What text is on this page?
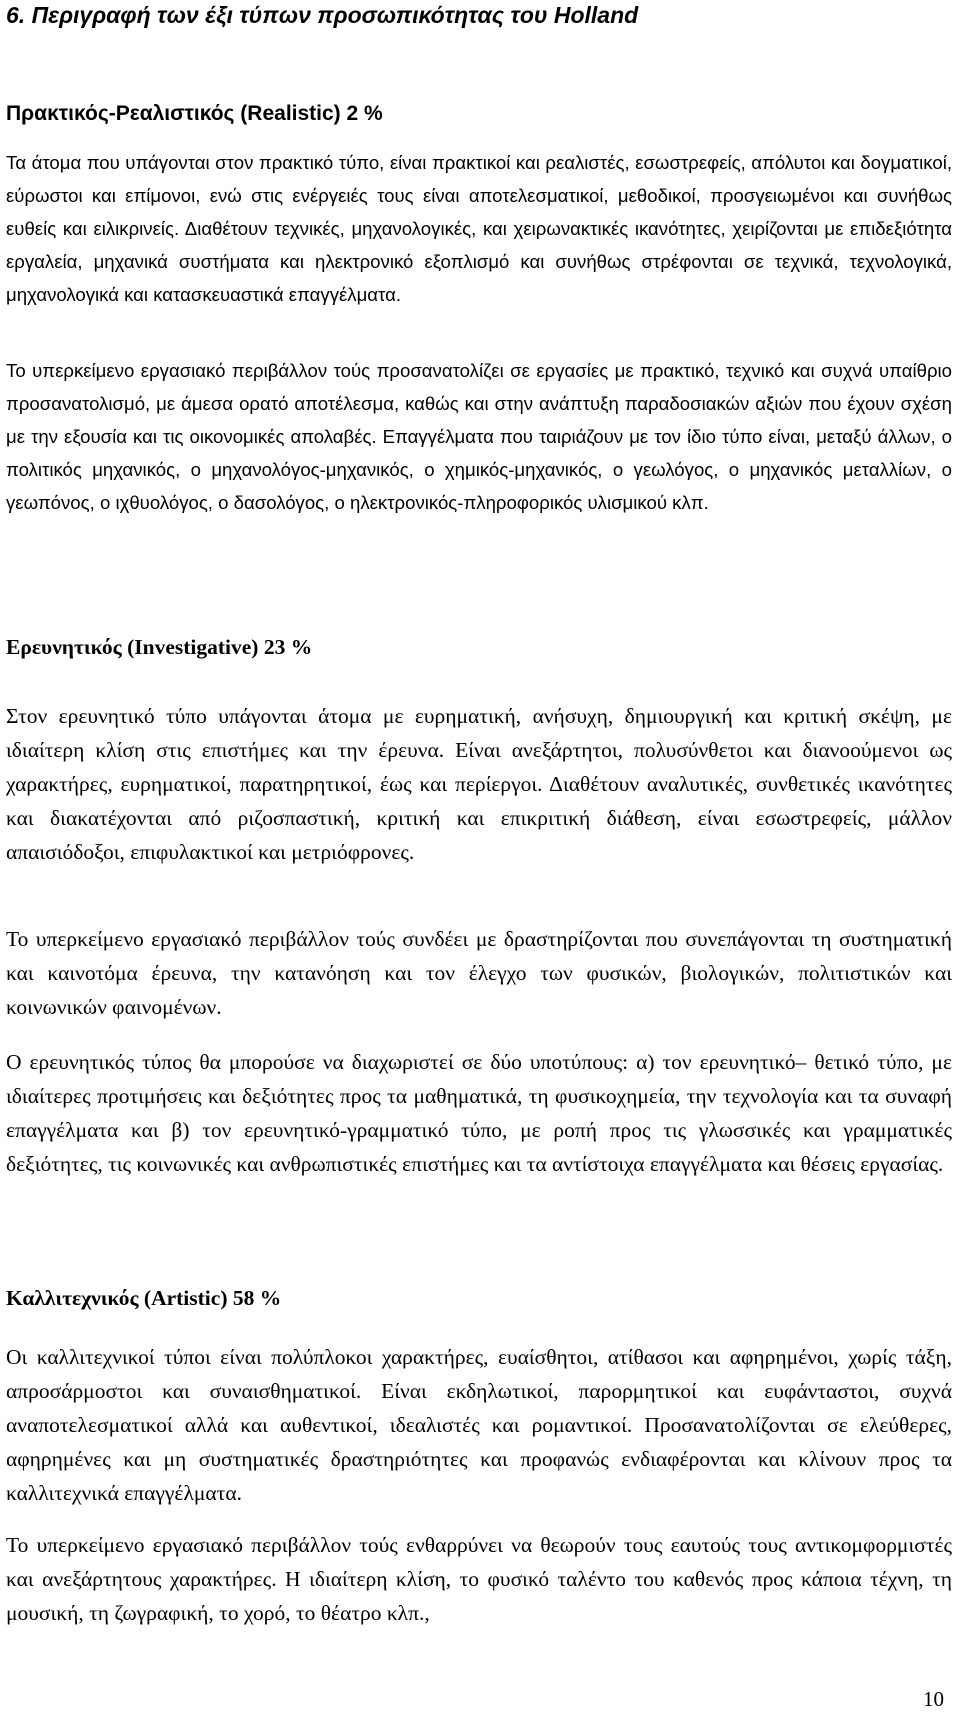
6. Περιγραφή των έξι τύπων προσωπικότητας του Holland
Πρακτικός-Ρεαλιστικός (Realistic) 2 %

Τα άτομα που υπάγονται στον πρακτικό τύπο, είναι πρακτικοί και ρεαλιστές, εσωστρεφείς, απόλυτοι και δογματικοί, εύρωστοι και επίμονοι, ενώ στις ενέργειές τους είναι αποτελεσματικοί, μεθοδικοί, προσγειωμένοι και συνήθως ευθείς και ειλικρινείς. Διαθέτουν τεχνικές, μηχανολογικές, και χειρωνακτικές ικανότητες, χειρίζονται με επιδεξιότητα εργαλεία, μηχανικά συστήματα και ηλεκτρονικό εξοπλισμό και συνήθως στρέφονται σε τεχνικά, τεχνολογικά, μηχανολογικά και κατασκευαστικά επαγγέλματα.

Το υπερκείμενο εργασιακό περιβάλλον τούς προσανατολίζει σε εργασίες με πρακτικό, τεχνικό και συχνά υπαίθριο προσανατολισμό, με άμεσα ορατό αποτέλεσμα, καθώς και στην ανάπτυξη παραδοσιακών αξιών που έχουν σχέση με την εξουσία και τις οικονομικές απολαβές. Επαγγέλματα που ταιριάζουν με τον ίδιο τύπο είναι, μεταξύ άλλων, ο πολιτικός μηχανικός, ο μηχανολόγος-μηχανικός, ο χημικός-μηχανικός, ο γεωλόγος, ο μηχανικός μεταλλίων, ο γεωπόνος, ο ιχθυολόγος, ο δασολόγος, ο ηλεκτρονικός-πληροφορικός υλισμικού κλπ.

Ερευνητικός (Investigative) 23 %

Στον ερευνητικό τύπο υπάγονται άτομα με ευρηματική, ανήσυχη, δημιουργική και κριτική σκέψη, με ιδιαίτερη κλίση στις επιστήμες και την έρευνα. Είναι ανεξάρτητοι, πολυσύνθετοι και διανοούμενοι ως χαρακτήρες, ευρηματικοί, παρατηρητικοί, έως και περίεργοι. Διαθέτουν αναλυτικές, συνθετικές ικανότητες και διακατέχονται από ριζοσπαστική, κριτική και επικριτική διάθεση, είναι εσωστρεφείς, μάλλον απαισιόδοξοι, επιφυλακτικοί και μετριόφρονες.

Το υπερκείμενο εργασιακό περιβάλλον τούς συνδέει με δραστηρίζονται που συνεπάγονται τη συστηματική και καινοτόμα έρευνα, την κατανόηση και τον έλεγχο των φυσικών, βιολογικών, πολιτιστικών και κοινωνικών φαινομένων.

Ο ερευνητικός τύπος θα μπορούσε να διαχωριστεί σε δύο υποτύπους: α) τον ερευνητικό– θετικό τύπο, με ιδιαίτερες προτιμήσεις και δεξιότητες προς τα μαθηματικά, τη φυσικοχημεία, την τεχνολογία και τα συναφή επαγγέλματα και β) τον ερευνητικό-γραμματικό τύπο, με ροπή προς τις γλωσσικές και γραμματικές δεξιότητες, τις κοινωνικές και ανθρωπιστικές επιστήμες και τα αντίστοιχα επαγγέλματα και θέσεις εργασίας.

Καλλιτεχνικός (Artistic) 58 %

Οι καλλιτεχνικοί τύποι είναι πολύπλοκοι χαρακτήρες, ευαίσθητοι, ατίθασοι και αφηρημένοι, χωρίς τάξη, απροσάρμοστοι και συναισθηματικοί. Είναι εκδηλωτικοί, παρορμητικοί και ευφάνταστοι, συχνά αναποτελεσματικοί αλλά και αυθεντικοί, ιδεαλιστές και ρομαντικοί. Προσανατολίζονται σε ελεύθερες, αφηρημένες και μη συστηματικές δραστηριότητες και προφανώς ενδιαφέρονται και κλίνουν προς τα καλλιτεχνικά επαγγέλματα.

Το υπερκείμενο εργασιακό περιβάλλον τούς ενθαρρύνει να θεωρούν τους εαυτούς τους αντικομφορμιστές και ανεξάρτητους χαρακτήρες. Η ιδιαίτερη κλίση, το φυσικό ταλέντο του καθενός προς κάποια τέχνη, τη μουσική, τη ζωγραφική, το χορό, το θέατρο κλπ.,

10
